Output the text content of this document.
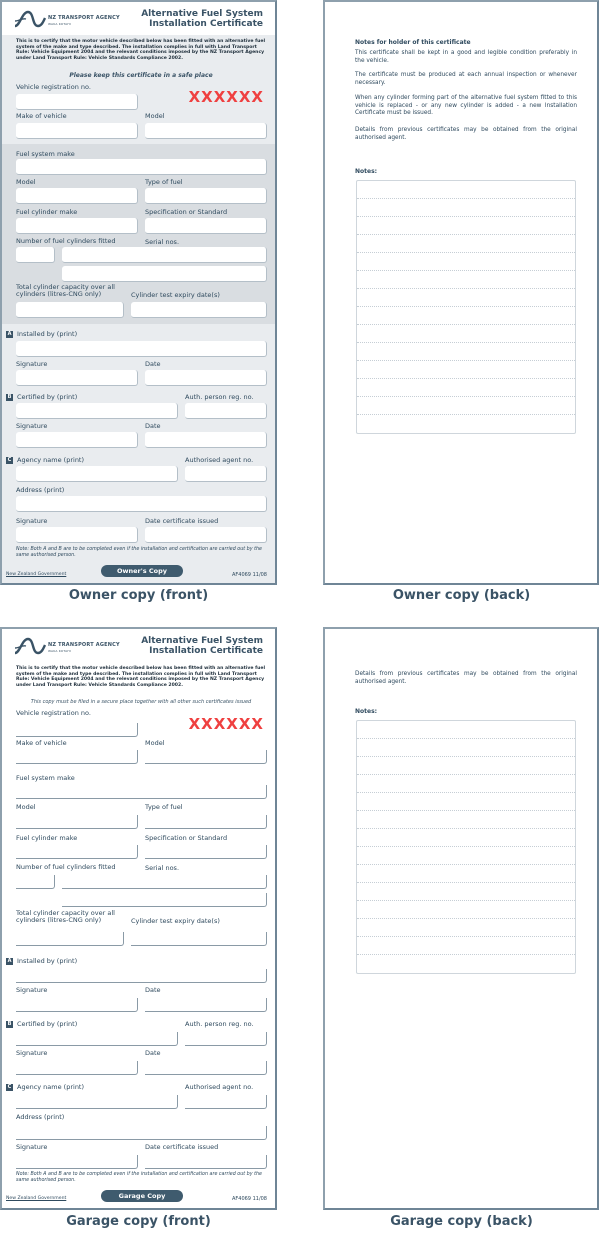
NZ TRANSPORT AGENCY
WAKA KOTAHI
Alternative Fuel System
Installation Certificate
This is to certify that the motor vehicle described below has been fitted with an alternative fuel system of the make and type described. The installation complies in full with Land Transport Rule: Vehicle Equipment 2004 and the relevant conditions imposed by the NZ Transport Agency under Land Transport Rule: Vehicle Standards Compliance 2002.
Please keep this certificate in a safe place
Vehicle registration no.
XXXXXX
Make of vehicle	Model
Fuel system make
Model	Type of fuel
Fuel cylinder make	Specification or Standard
Number of fuel cylinders fitted	Serial nos.
Total cylinder capacity over all
cylinders (litres-CNG only)	Cylinder test expiry date(s)
A Installed by (print)
Signature	Date
B Certified by (print)	Auth. person reg. no.
Signature	Date
C Agency name (print)	Authorised agent no.
Address (print)
Signature	Date certificate issued
Note: Both A and B are to be completed even if the installation and certification are carried out by the same authorised person.
New Zealand Government	Owner's Copy	AF4069 11/08
Owner copy (front)
Notes for holder of this certificate
This certificate shall be kept in a good and legible condition preferably in the vehicle.
The certificate must be produced at each annual inspection or whenever necessary.
When any cylinder forming part of the alternative fuel system fitted to this vehicle is replaced - or any new cylinder is added - a new Installation Certificate must be issued.
Details from previous certificates may be obtained from the original authorised agent.
Notes:
Owner copy (back)
NZ TRANSPORT AGENCY
WAKA KOTAHI
Alternative Fuel System
Installation Certificate
This is to certify that the motor vehicle described below has been fitted with an alternative fuel system of the make and type described. The installation complies in full with Land Transport Rule: Vehicle Equipment 2004 and the relevant conditions imposed by the NZ Transport Agency under Land Transport Rule: Vehicle Standards Compliance 2002.
This copy must be filed in a secure place together with all other such certificates issued
Vehicle registration no.
XXXXXX
Make of vehicle	Model
Fuel system make
Model	Type of fuel
Fuel cylinder make	Specification or Standard
Number of fuel cylinders fitted	Serial nos.
Total cylinder capacity over all
cylinders (litres-CNG only)	Cylinder test expiry date(s)
A Installed by (print)
Signature	Date
B Certified by (print)	Auth. person reg. no.
Signature	Date
C Agency name (print)	Authorised agent no.
Address (print)
Signature	Date certificate issued
Note: Both A and B are to be completed even if the installation and certification are carried out by the same authorised person.
New Zealand Government	Garage Copy	AF4069 11/08
Garage copy (front)
Details from previous certificates may be obtained from the original authorised agent.
Notes:
Garage copy (back)
